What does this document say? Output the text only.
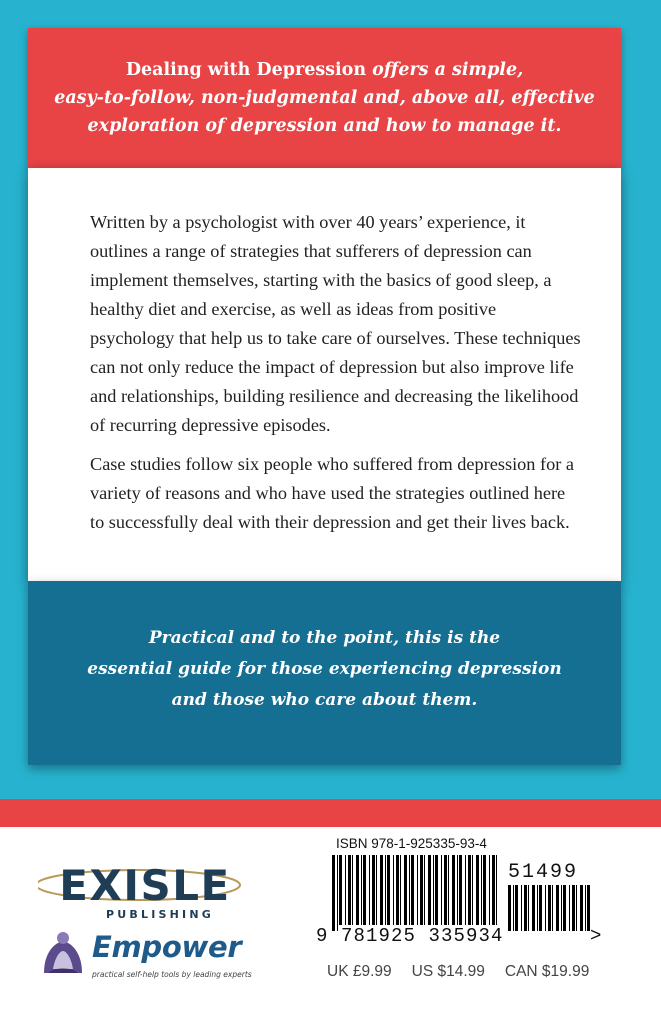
Dealing with Depression offers a simple,
easy-to-follow, non-judgmental and, above all, effective
exploration of depression and how to manage it.

Written by a psychologist with over 40 years’ experience, it outlines a range of strategies that sufferers of depression can implement themselves, starting with the basics of good sleep, a healthy diet and exercise, as well as ideas from positive psychology that help us to take care of ourselves. These techniques can not only reduce the impact of depression but also improve life and relationships, building resilience and decreasing the likelihood of recurring depressive episodes.

Case studies follow six people who suffered from depression for a variety of reasons and who have used the strategies outlined here to successfully deal with their depression and get their lives back.

Practical and to the point, this is the
essential guide for those experiencing depression
and those who care about them.
EXISLE
PUBLISHING
Empower
practical self-help tools by leading experts
ISBN 978-1-925335-93-4
51499
9 781925 335934	>
UK £9.99 US $14.99 CAN $19.99
